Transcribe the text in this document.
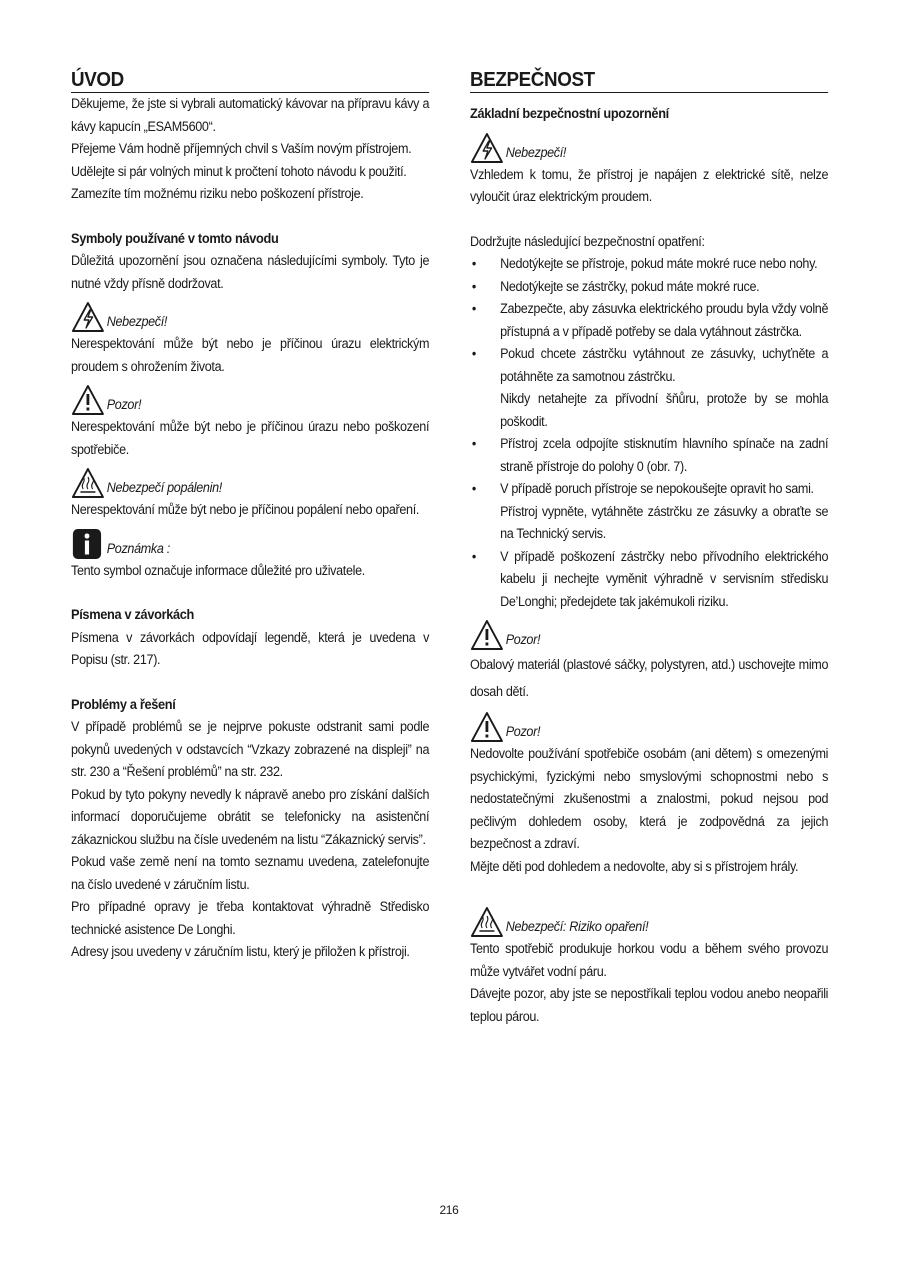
ÚVOD

Děkujeme, že jste si vybrali automatický kávovar na přípravu kávy a kávy kapucín „ESAM5600“.

Přejeme Vám hodně příjemných chvil s Vaším novým přístrojem.

Udělejte si pár volných minut k pročtení tohoto návodu k použití.

Zamezíte tím možnému riziku nebo poškození přístroje.

Symboly používané v tomto návodu

Důležitá upozornění jsou označena následujícími symboly. Tyto je nutné vždy přísně dodržovat.

Nebezpečí!

Nerespektování může být nebo je příčinou úrazu elektrickým proudem s ohrožením života.

Pozor!

Nerespektování může být nebo je příčinou úrazu nebo poškození spotřebiče.

Nebezpečí popálenin!

Nerespektování může být nebo je příčinou popálení nebo opaření.

Poznámka :

Tento symbol označuje informace důležité pro uživatele.

Písmena v závorkách

Písmena v závorkách odpovídají legendě, která je uvedena v Popisu (str. 217).

Problémy a řešení

V případě problémů se je nejprve pokuste odstranit sami podle pokynů uvedených v odstavcích “Vzkazy zobrazené na displeji” na str. 230 a “Řešení problémů” na str. 232.

Pokud by tyto pokyny nevedly k nápravě anebo pro získání dalších informací doporučujeme obrátit se telefonicky na asistenční zákaznickou službu na čísle uvedeném na listu “Zákaznický servis”.

Pokud vaše země není na tomto seznamu uvedena, zatelefonujte na číslo uvedené v záručním listu.

Pro případné opravy je třeba kontaktovat výhradně Středisko technické asistence De Longhi.

Adresy jsou uvedeny v záručním listu, který je přiložen k přístroji.

BEZPEČNOST
Základní bezpečnostní upozornění
Nebezpečí!

Vzhledem k tomu, že přístroj je napájen z elektrické sítě, nelze vyloučit úraz elektrickým proudem.

Dodržujte následující bezpečnostní opatření:

• Nedotýkejte se přístroje, pokud máte mokré ruce nebo nohy.
• Nedotýkejte se zástrčky, pokud máte mokré ruce.
• Zabezpečte, aby zásuvka elektrického proudu byla vždy volně přístupná a v případě potřeby se dala vytáhnout zástrčka.
• Pokud chcete zástrčku vytáhnout ze zásuvky, uchyťněte a potáhněte za samotnou zástrčku.
Nikdy netahejte za přívodní šňůru, protože by se mohla poškodit.
• Přístroj zcela odpojíte stisknutím hlavního spínače na zadní straně přístroje do polohy 0 (obr. 7).
• V případě poruch přístroje se nepokoušejte opravit ho sami.
Přístroj vypněte, vytáhněte zástrčku ze zásuvky a obraťte se na Technický servis.
• V případě poškození zástrčky nebo přívodního elektrického kabelu ji nechejte vyměnit výhradně v servisním středisku De’Longhi; předejdete tak jakémukoli riziku.
Pozor!

Obalový materiál (plastové sáčky, polystyren, atd.) uschovejte mimo dosah dětí.

Pozor!

Nedovolte používání spotřebiče osobám (ani dětem) s omezenými psychickými, fyzickými nebo smyslovými schopnostmi nebo s nedostatečnými zkušenostmi a znalostmi, pokud nejsou pod pečlivým dohledem osoby, která je zodpovědná za jejich bezpečnost a zdraví.

Mějte děti pod dohledem a nedovolte, aby si s přístrojem hrály.

Nebezpečí: Riziko opaření!

Tento spotřebič produkuje horkou vodu a během svého provozu může vytvářet vodní páru.

Dávejte pozor, aby jste se nepostříkali teplou vodou anebo neopařili teplou párou.

216
